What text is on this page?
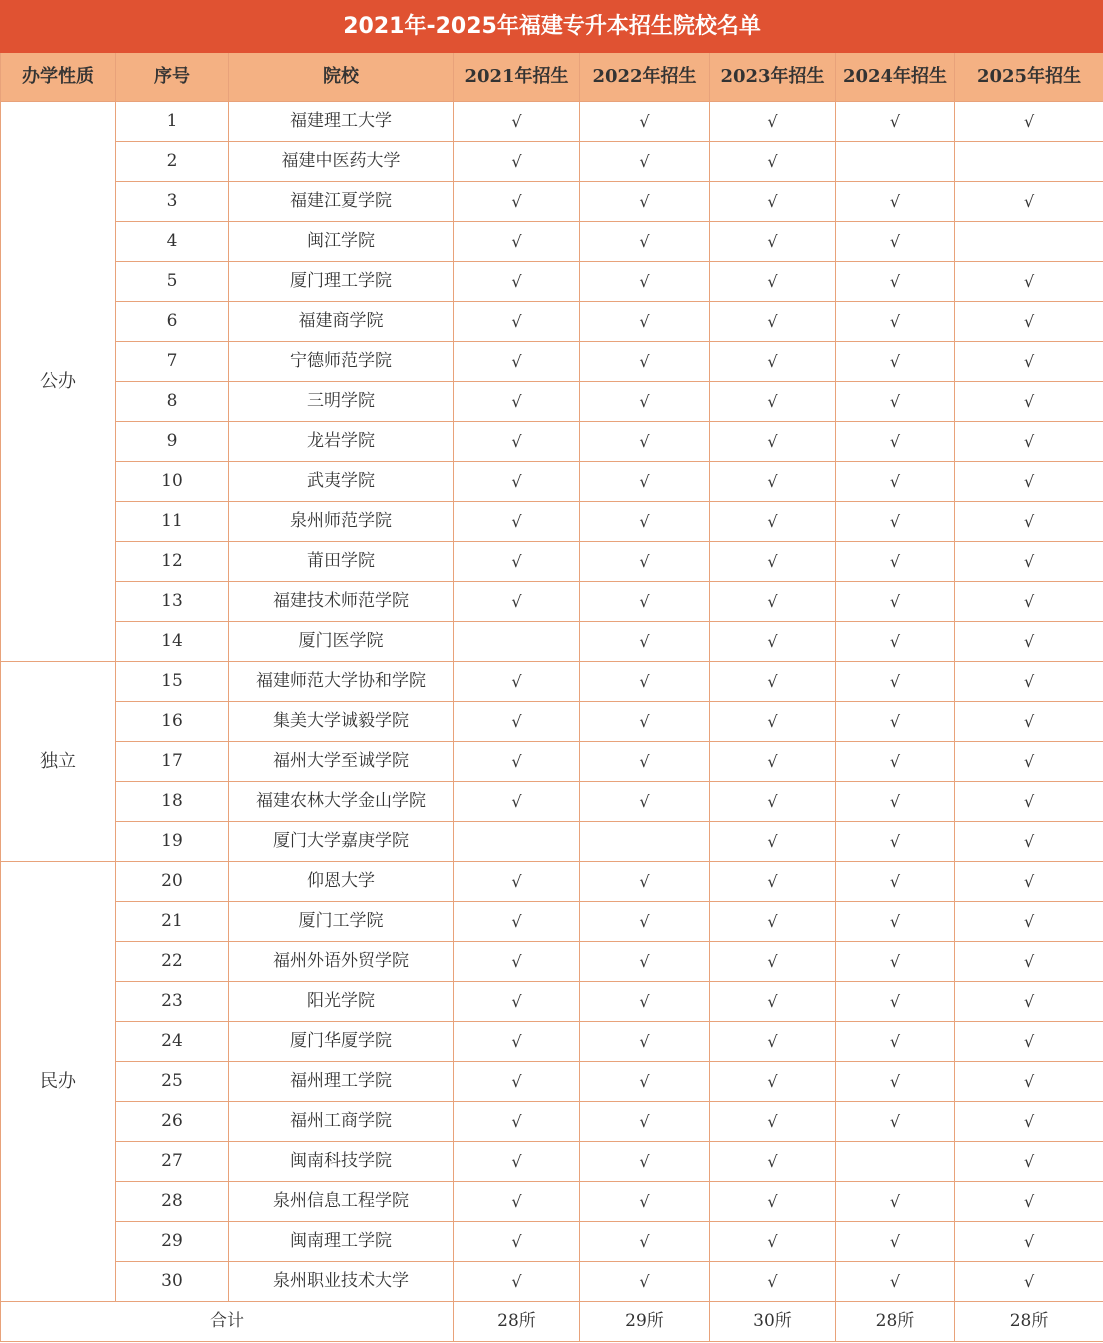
2021年-2025年福建专升本招生院校名单							
办学性质	序号	院校	2021年招生	2022年招生	2023年招生	2024年招生	2025年招生
公办	1	福建理工大学	√	√	√	√	√
	2	福建中医药大学	√	√	√		
	3	福建江夏学院	√	√	√	√	√
	4	闽江学院	√	√	√	√	
	5	厦门理工学院	√	√	√	√	√
	6	福建商学院	√	√	√	√	√
	7	宁德师范学院	√	√	√	√	√
	8	三明学院	√	√	√	√	√
	9	龙岩学院	√	√	√	√	√
	10	武夷学院	√	√	√	√	√
	11	泉州师范学院	√	√	√	√	√
	12	莆田学院	√	√	√	√	√
	13	福建技术师范学院	√	√	√	√	√
	14	厦门医学院		√	√	√	√
独立	15	福建师范大学协和学院	√	√	√	√	√
	16	集美大学诚毅学院	√	√	√	√	√
	17	福州大学至诚学院	√	√	√	√	√
	18	福建农林大学金山学院	√	√	√	√	√
	19	厦门大学嘉庚学院			√	√	√
民办	20	仰恩大学	√	√	√	√	√
	21	厦门工学院	√	√	√	√	√
	22	福州外语外贸学院	√	√	√	√	√
	23	阳光学院	√	√	√	√	√
	24	厦门华厦学院	√	√	√	√	√
	25	福州理工学院	√	√	√	√	√
	26	福州工商学院	√	√	√	√	√
	27	闽南科技学院	√	√	√		√
	28	泉州信息工程学院	√	√	√	√	√
	29	闽南理工学院	√	√	√	√	√
	30	泉州职业技术大学	√	√	√	√	√
合计			28所	29所	30所	28所	28所
